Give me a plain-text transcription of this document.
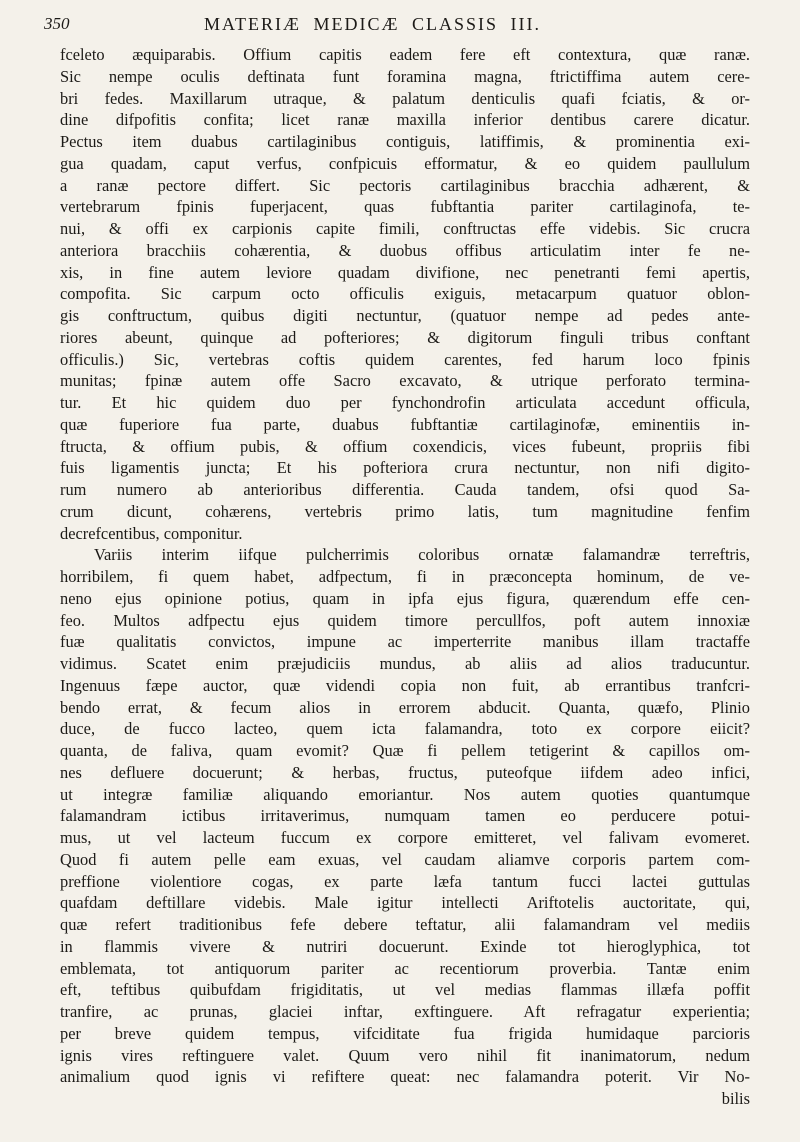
350	MATERIÆ MEDICÆ CLASSIS III.
fceleto æquiparabis. Offium capitis eadem fere eft contextura, quæ ranæ.
Sic nempe oculis deftinata funt foramina magna, ftrictiffima autem cere-
bri fedes. Maxillarum utraque, & palatum denticulis quafi fciatis, & or-
dine difpofitis confita; licet ranæ maxilla inferior dentibus carere dicatur.
Pectus item duabus cartilaginibus contiguis, latiffimis, & prominentia exi-
gua quadam, caput verfus, confpicuis efformatur, & eo quidem paullulum
a ranæ pectore differt. Sic pectoris cartilaginibus bracchia adhærent, &
vertebrarum fpinis fuperjacent, quas fubftantia pariter cartilaginofa, te-
nui, & offi ex carpionis capite fimili, conftructas effe videbis. Sic crucra
anteriora bracchiis cohærentia, & duobus offibus articulatim inter fe ne-
xis, in fine autem leviore quadam divifione, nec penetranti femi apertis,
compofita. Sic carpum octo officulis exiguis, metacarpum quatuor oblon-
gis conftructum, quibus digiti nectuntur, (quatuor nempe ad pedes ante-
riores abeunt, quinque ad pofteriores; & digitorum finguli tribus conftant
officulis.) Sic, vertebras coftis quidem carentes, fed harum loco fpinis
munitas; fpinæ autem offe Sacro excavato, & utrique perforato termina-
tur. Et hic quidem duo per fynchondrofin articulata accedunt officula,
quæ fuperiore fua parte, duabus fubftantiæ cartilaginofæ, eminentiis in-
ftructa, & offium pubis, & offium coxendicis, vices fubeunt, propriis fibi
fuis ligamentis juncta; Et his pofteriora crura nectuntur, non nifi digito-
rum numero ab anterioribus differentia. Cauda tandem, ofsi quod Sa-
crum dicunt, cohærens, vertebris primo latis, tum magnitudine fenfim
decrefcentibus, componitur.
Variis interim iifque pulcherrimis coloribus ornatæ falamandræ terreftris,
horribilem, fi quem habet, adfpectum, fi in præconcepta hominum, de ve-
neno ejus opinione potius, quam in ipfa ejus figura, quærendum effe cen-
feo. Multos adfpectu ejus quidem timore percullfos, poft autem innoxiæ
fuæ qualitatis convictos, impune ac imperterrite manibus illam tractaffe
vidimus. Scatet enim præjudiciis mundus, ab aliis ad alios traducuntur.
Ingenuus fæpe auctor, quæ videndi copia non fuit, ab errantibus tranfcri-
bendo errat, & fecum alios in errorem abducit. Quanta, quæfo, Plinio
duce, de fucco lacteo, quem icta falamandra, toto ex corpore eiicit?
quanta, de faliva, quam evomit? Quæ fi pellem tetigerint & capillos om-
nes defluere docuerunt; & herbas, fructus, puteofque iifdem adeo infici,
ut integræ familiæ aliquando emoriantur. Nos autem quoties quantumque
falamandram ictibus irritaverimus, numquam tamen eo perducere potui-
mus, ut vel lacteum fuccum ex corpore emitteret, vel falivam evomeret.
Quod fi autem pelle eam exuas, vel caudam aliamve corporis partem com-
preffione violentiore cogas, ex parte læfa tantum fucci lactei guttulas
quafdam deftillare videbis. Male igitur intellecti Ariftotelis auctoritate, qui,
quæ refert traditionibus fefe debere teftatur, alii falamandram vel mediis
in flammis vivere & nutriri docuerunt. Exinde tot hieroglyphica, tot
emblemata, tot antiquorum pariter ac recentiorum proverbia. Tantæ enim
eft, teftibus quibufdam frigiditatis, ut vel medias flammas illæfa poffit
tranfire, ac prunas, glaciei inftar, exftinguere. Aft refragatur experientia;
per breve quidem tempus, vifciditate fua frigida humidaque parcioris
ignis vires reftinguere valet. Quum vero nihil fit inanimatorum, nedum
animalium quod ignis vi refiftere queat: nec falamandra poterit. Vir No-
bilis
